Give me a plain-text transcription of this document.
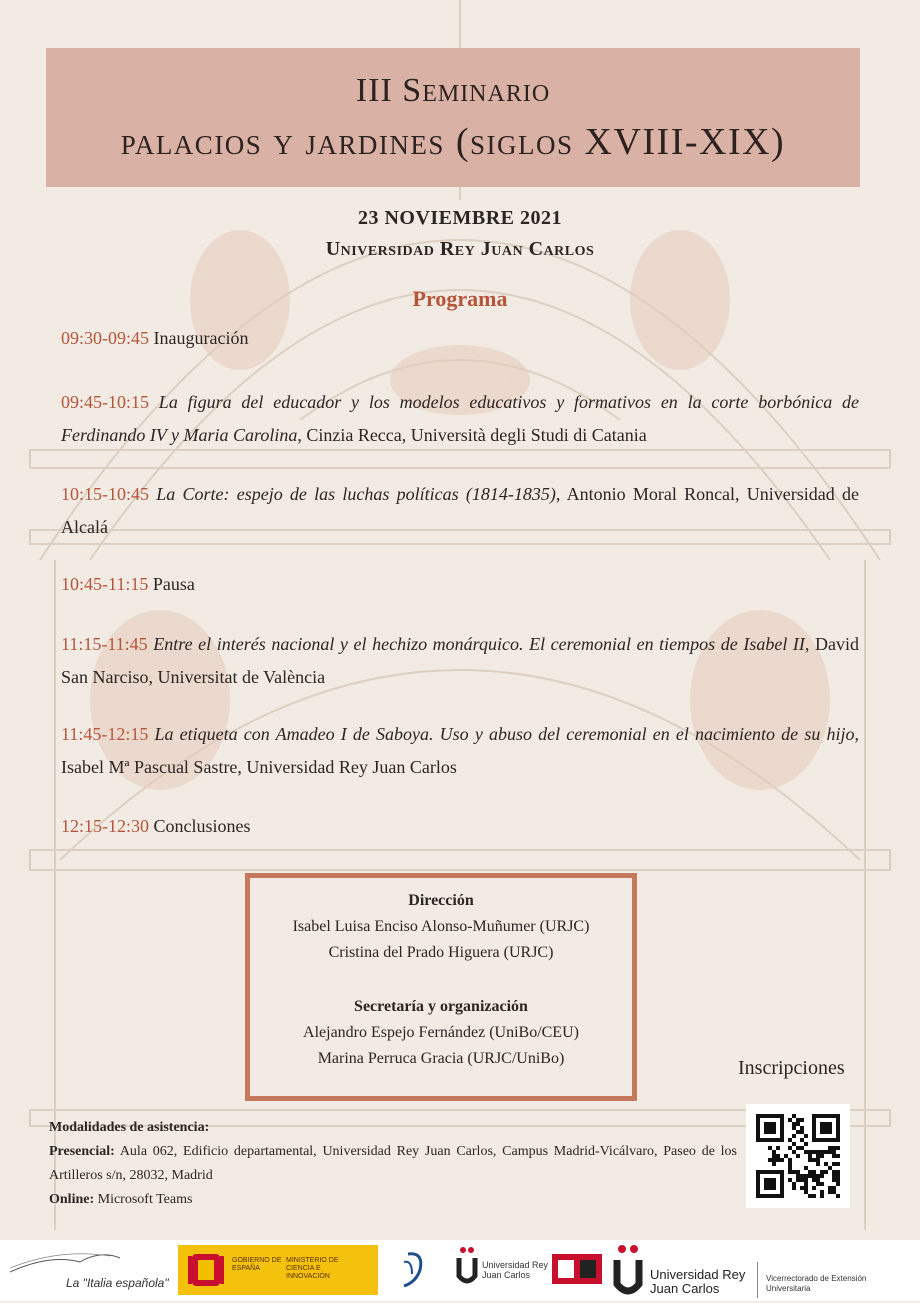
III Seminario
palacios y jardines (siglos XVIII-XIX)
23 NOVIEMBRE 2021
Universidad Rey Juan Carlos
Programa
09:30-09:45 Inauguración
09:45-10:15 La figura del educador y los modelos educativos y formativos en la corte borbónica de Ferdinando IV y Maria Carolina, Cinzia Recca, Università degli Studi di Catania
10:15-10:45 La Corte: espejo de las luchas políticas (1814-1835), Antonio Moral Roncal, Universidad de Alcalá
10:45-11:15 Pausa
11:15-11:45 Entre el interés nacional y el hechizo monárquico. El ceremonial en tiempos de Isabel II, David San Narciso, Universitat de València
11:45-12:15 La etiqueta con Amadeo I de Saboya. Uso y abuso del ceremonial en el nacimiento de su hijo, Isabel Mª Pascual Sastre, Universidad Rey Juan Carlos
12:15-12:30 Conclusiones
Dirección
Isabel Luisa Enciso Alonso-Muñumer (URJC)
Cristina del Prado Higuera (URJC)
Secretaría y organización
Alejandro Espejo Fernández (UniBo/CEU)
Marina Perruca Gracia (URJC/UniBo)	Inscripciones
Modalidades de asistencia:
Presencial: Aula 062, Edificio departamental, Universidad Rey Juan Carlos, Campus Madrid-Vicálvaro, Paseo de los Artilleros s/n, 28032, Madrid
Online: Microsoft Teams
La "Italia española"
GOBIERNO DE ESPAÑA
MINISTERIO DE CIENCIA E INNOVACIÓN
Universidad Rey Juan Carlos	Universidad Rey Juan Carlos
Vicerrectorado de Extensión Universitaria
